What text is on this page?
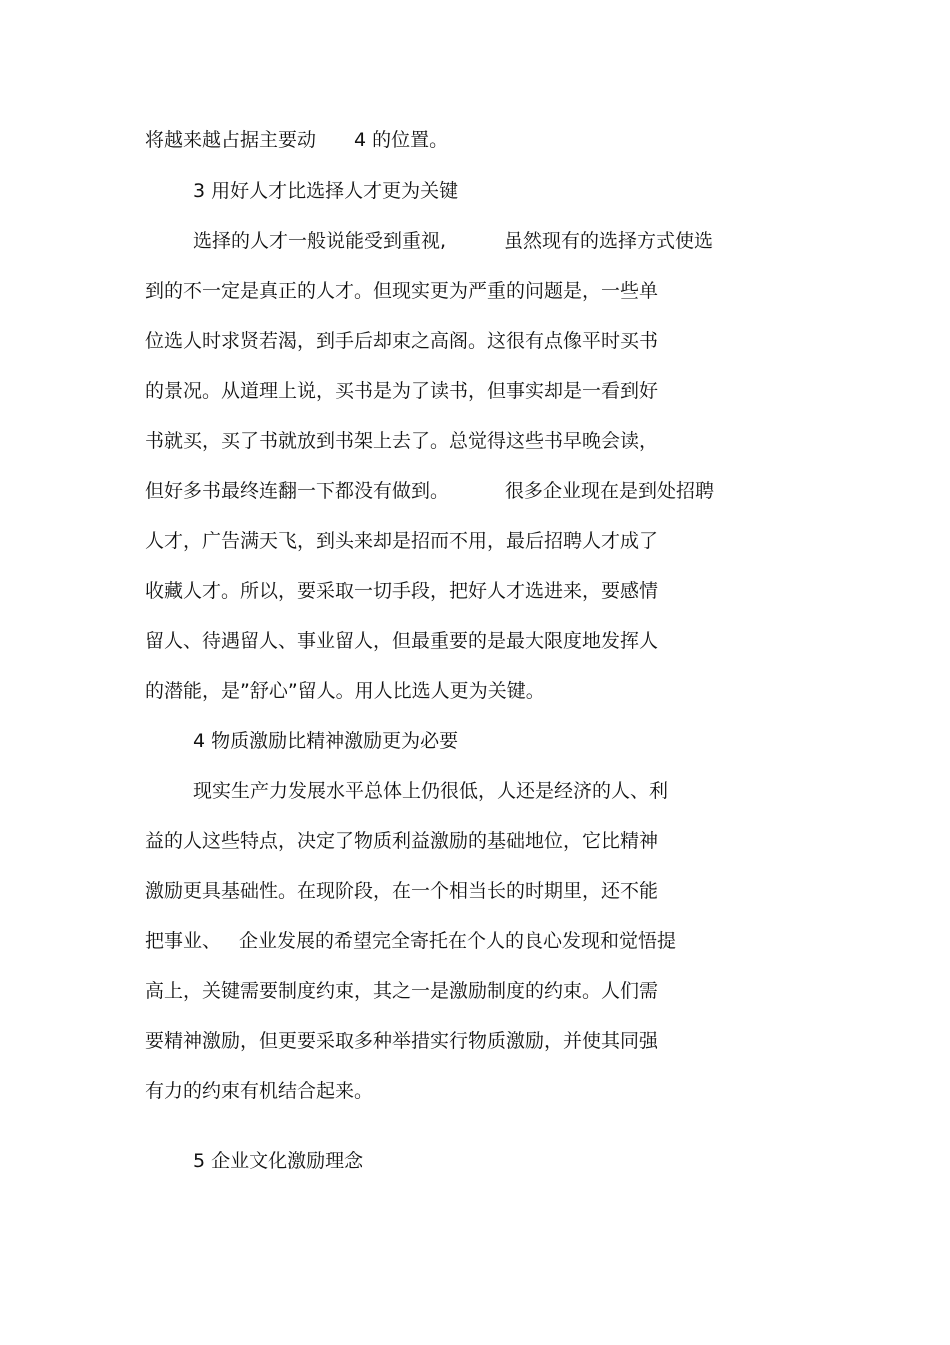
将越来越占据主要动 4 的位置。
3 用好人才比选择人才更为关键
选择的人才一般说能受到重视,	虽然现有的选择方式使选
到的不一定是真正的人才。但现实更为严重的问题是，一些单
位选人时求贤若渴，到手后却束之高阁。这很有点像平时买书
的景况。从道理上说，买书是为了读书，但事实却是一看到好
书就买，买了书就放到书架上去了。总觉得这些书早晚会读，
但好多书最终连翻一下都没有做到。	很多企业现在是到处招聘
人才，广告满天飞，到头来却是招而不用，最后招聘人才成了
收藏人才。所以，要采取一切手段，把好人才选进来，要感情
留人、待遇留人、事业留人，但最重要的是最大限度地发挥人
的潜能，是”舒心”留人。用人比选人更为关键。
4 物质激励比精神激励更为必要
现实生产力发展水平总体上仍很低，人还是经济的人、利
益的人这些特点，决定了物质利益激励的基础地位，它比精神
激励更具基础性。在现阶段，在一个相当长的时期里，还不能
把事业、 企业发展的希望完全寄托在个人的良心发现和觉悟提
高上，关键需要制度约束，其之一是激励制度的约束。人们需
要精神激励，但更要采取多种举措实行物质激励，并使其同强
有力的约束有机结合起来。
5 企业文化激励理念
